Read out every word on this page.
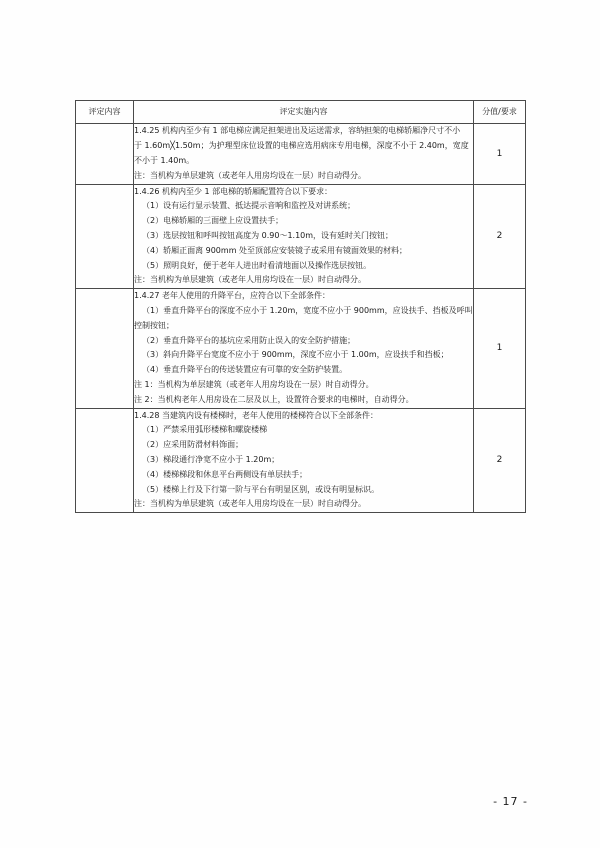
评定内容	评定实施内容	分值/要求

	1.4.25 机构内至少有 1 部电梯应满足担架进出及运送需求，容纳担架的电梯轿厢净尺寸不小

于 1.60m╳1.50m；为护理型床位设置的电梯应选用病床专用电梯，深度不小于 2.40m，宽度

不小于 1.40m。

注：当机构为单层建筑（或老年人用房均设在一层）时自动得分。	1

1.4.26 机构内至少 1 部电梯的轿厢配置符合以下要求：

（1）设有运行显示装置、抵达提示音响和监控及对讲系统；

（2）电梯轿厢的三面壁上应设置扶手；

（3）选层按钮和呼叫按钮高度为 0.90～1.10m，设有延时关门按钮；

（4）轿厢正面离 900mm 处至顶部应安装镜子或采用有镜面效果的材料；

（5）照明良好，便于老年人进出时看清地面以及操作选层按钮。

注：当机构为单层建筑（或老年人用房均设在一层）时自动得分。

	2

1.4.27 老年人使用的升降平台，应符合以下全部条件：

（1）垂直升降平台的深度不应小于 1.20m，宽度不应小于 900mm，应设扶手、挡板及呼叫

控制按钮；

（2）垂直升降平台的基坑应采用防止误入的安全防护措施；

（3）斜向升降平台宽度不应小于 900mm，深度不应小于 1.00m，应设扶手和挡板；

（4）垂直升降平台的传送装置应有可靠的安全防护装置。

注 1：当机构为单层建筑（或老年人用房均设在一层）时自动得分。

注 2：当机构老年人用房设在二层及以上，设置符合要求的电梯时，自动得分。

	1

1.4.28 当建筑内设有楼梯时，老年人使用的楼梯符合以下全部条件：

（1）严禁采用弧形楼梯和螺旋楼梯

（2）应采用防滑材料饰面；

（3）梯段通行净宽不应小于 1.20m；

（4）楼梯梯段和休息平台两侧设有单层扶手；

（5）楼梯上行及下行第一阶与平台有明显区别，或设有明显标识。

注：当机构为单层建筑（或老年人用房均设在一层）时自动得分。

	2
- 17 -
